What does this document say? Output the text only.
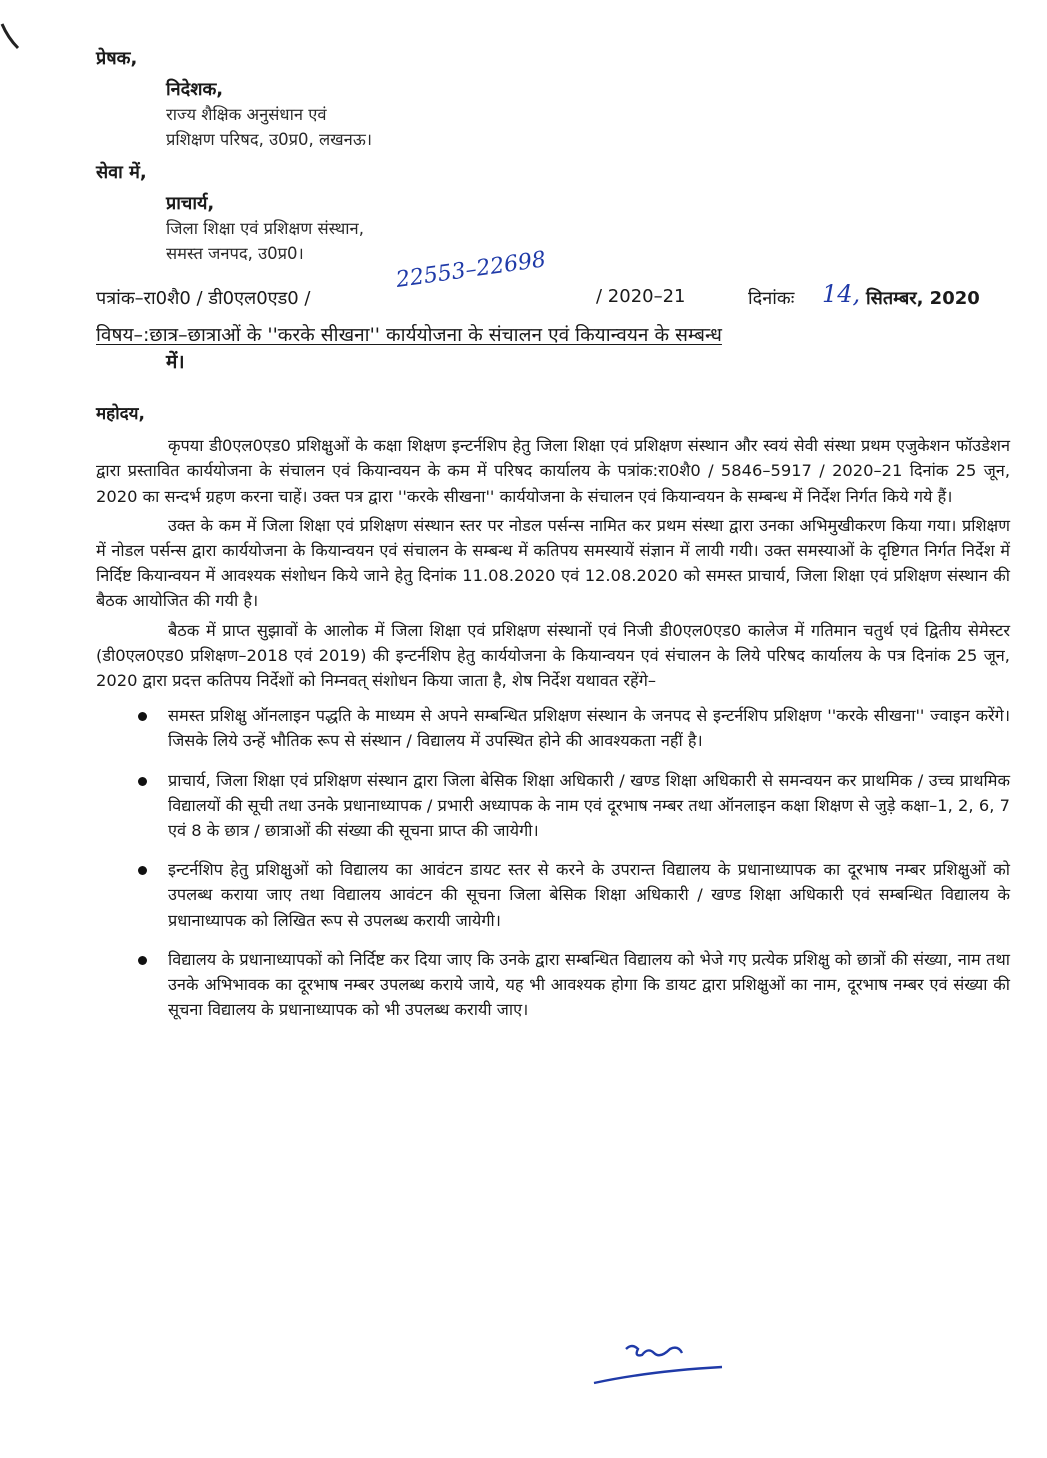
प्रेषक,
निदेशक,
राज्य शैक्षिक अनुसंधान एवं
प्रशिक्षण परिषद, उ0प्र0, लखनऊ।
सेवा में,
प्राचार्य,
जिला शिक्षा एवं प्रशिक्षण संस्थान,
समस्त जनपद, उ0प्र0।
पत्रांक–रा0शै0 / डी0एल0एड0 /
22553–22698
/ 2020–21	दिनांकः 14, सितम्बर, 2020
विषय–:छात्र–छात्राओं के ''करके सीखना'' कार्ययोजना के संचालन एवं कियान्वयन के सम्बन्ध
में।

महोदय,

कृपया डी0एल0एड0 प्रशिक्षुओं के कक्षा शिक्षण इन्टर्नशिप हेतु जिला शिक्षा एवं प्रशिक्षण संस्थान और स्वयं सेवी संस्था प्रथम एजुकेशन फॉउडेशन द्वारा प्रस्तावित कार्ययोजना के संचालन एवं कियान्वयन के कम में परिषद कार्यालय के पत्रांक:रा0शै0 / 5846–5917 / 2020–21 दिनांक 25 जून, 2020 का सन्दर्भ ग्रहण करना चाहें। उक्त पत्र द्वारा ''करके सीखना'' कार्ययोजना के संचालन एवं कियान्वयन के सम्बन्ध में निर्देश निर्गत किये गये हैं।

उक्त के कम में जिला शिक्षा एवं प्रशिक्षण संस्थान स्तर पर नोडल पर्सन्स नामित कर प्रथम संस्था द्वारा उनका अभिमुखीकरण किया गया। प्रशिक्षण में नोडल पर्सन्स द्वारा कार्ययोजना के कियान्वयन एवं संचालन के सम्बन्ध में कतिपय समस्यायें संज्ञान में लायी गयी। उक्त समस्याओं के दृष्टिगत निर्गत निर्देश में निर्दिष्ट कियान्वयन में आवश्यक संशोधन किये जाने हेतु दिनांक 11.08.2020 एवं 12.08.2020 को समस्त प्राचार्य, जिला शिक्षा एवं प्रशिक्षण संस्थान की बैठक आयोजित की गयी है।

बैठक में प्राप्त सुझावों के आलोक में जिला शिक्षा एवं प्रशिक्षण संस्थानों एवं निजी डी0एल0एड0 कालेज में गतिमान चतुर्थ एवं द्वितीय सेमेस्टर (डी0एल0एड0 प्रशिक्षण–2018 एवं 2019) की इन्टर्नशिप हेतु कार्ययोजना के कियान्वयन एवं संचालन के लिये परिषद कार्यालय के पत्र दिनांक 25 जून, 2020 द्वारा प्रदत्त कतिपय निर्देशों को निम्नवत् संशोधन किया जाता है, शेष निर्देश यथावत रहेंगे–

समस्त प्रशिक्षु ऑनलाइन पद्धति के माध्यम से अपने सम्बन्धित प्रशिक्षण संस्थान के जनपद से इन्टर्नशिप प्रशिक्षण ''करके सीखना'' ज्वाइन करेंगे। जिसके लिये उन्हें भौतिक रूप से संस्थान / विद्यालय में उपस्थित होने की आवश्यकता नहीं है।
प्राचार्य, जिला शिक्षा एवं प्रशिक्षण संस्थान द्वारा जिला बेसिक शिक्षा अधिकारी / खण्ड शिक्षा अधिकारी से समन्वयन कर प्राथमिक / उच्च प्राथमिक विद्यालयों की सूची तथा उनके प्रधानाध्यापक / प्रभारी अध्यापक के नाम एवं दूरभाष नम्बर तथा ऑनलाइन कक्षा शिक्षण से जुड़े कक्षा–1, 2, 6, 7 एवं 8 के छात्र / छात्राओं की संख्या की सूचना प्राप्त की जायेगी।
इन्टर्नशिप हेतु प्रशिक्षुओं को विद्यालय का आवंटन डायट स्तर से करने के उपरान्त विद्यालय के प्रधानाध्यापक का दूरभाष नम्बर प्रशिक्षुओं को उपलब्ध कराया जाए तथा विद्यालय आवंटन की सूचना जिला बेसिक शिक्षा अधिकारी / खण्ड शिक्षा अधिकारी एवं सम्बन्धित विद्यालय के प्रधानाध्यापक को लिखित रूप से उपलब्ध करायी जायेगी।
विद्यालय के प्रधानाध्यापकों को निर्दिष्ट कर दिया जाए कि उनके द्वारा सम्बन्धित विद्यालय को भेजे गए प्रत्येक प्रशिक्षु को छात्रों की संख्या, नाम तथा उनके अभिभावक का दूरभाष नम्बर उपलब्ध कराये जाये, यह भी आवश्यक होगा कि डायट द्वारा प्रशिक्षुओं का नाम, दूरभाष नम्बर एवं संख्या की सूचना विद्यालय के प्रधानाध्यापक को भी उपलब्ध करायी जाए।
